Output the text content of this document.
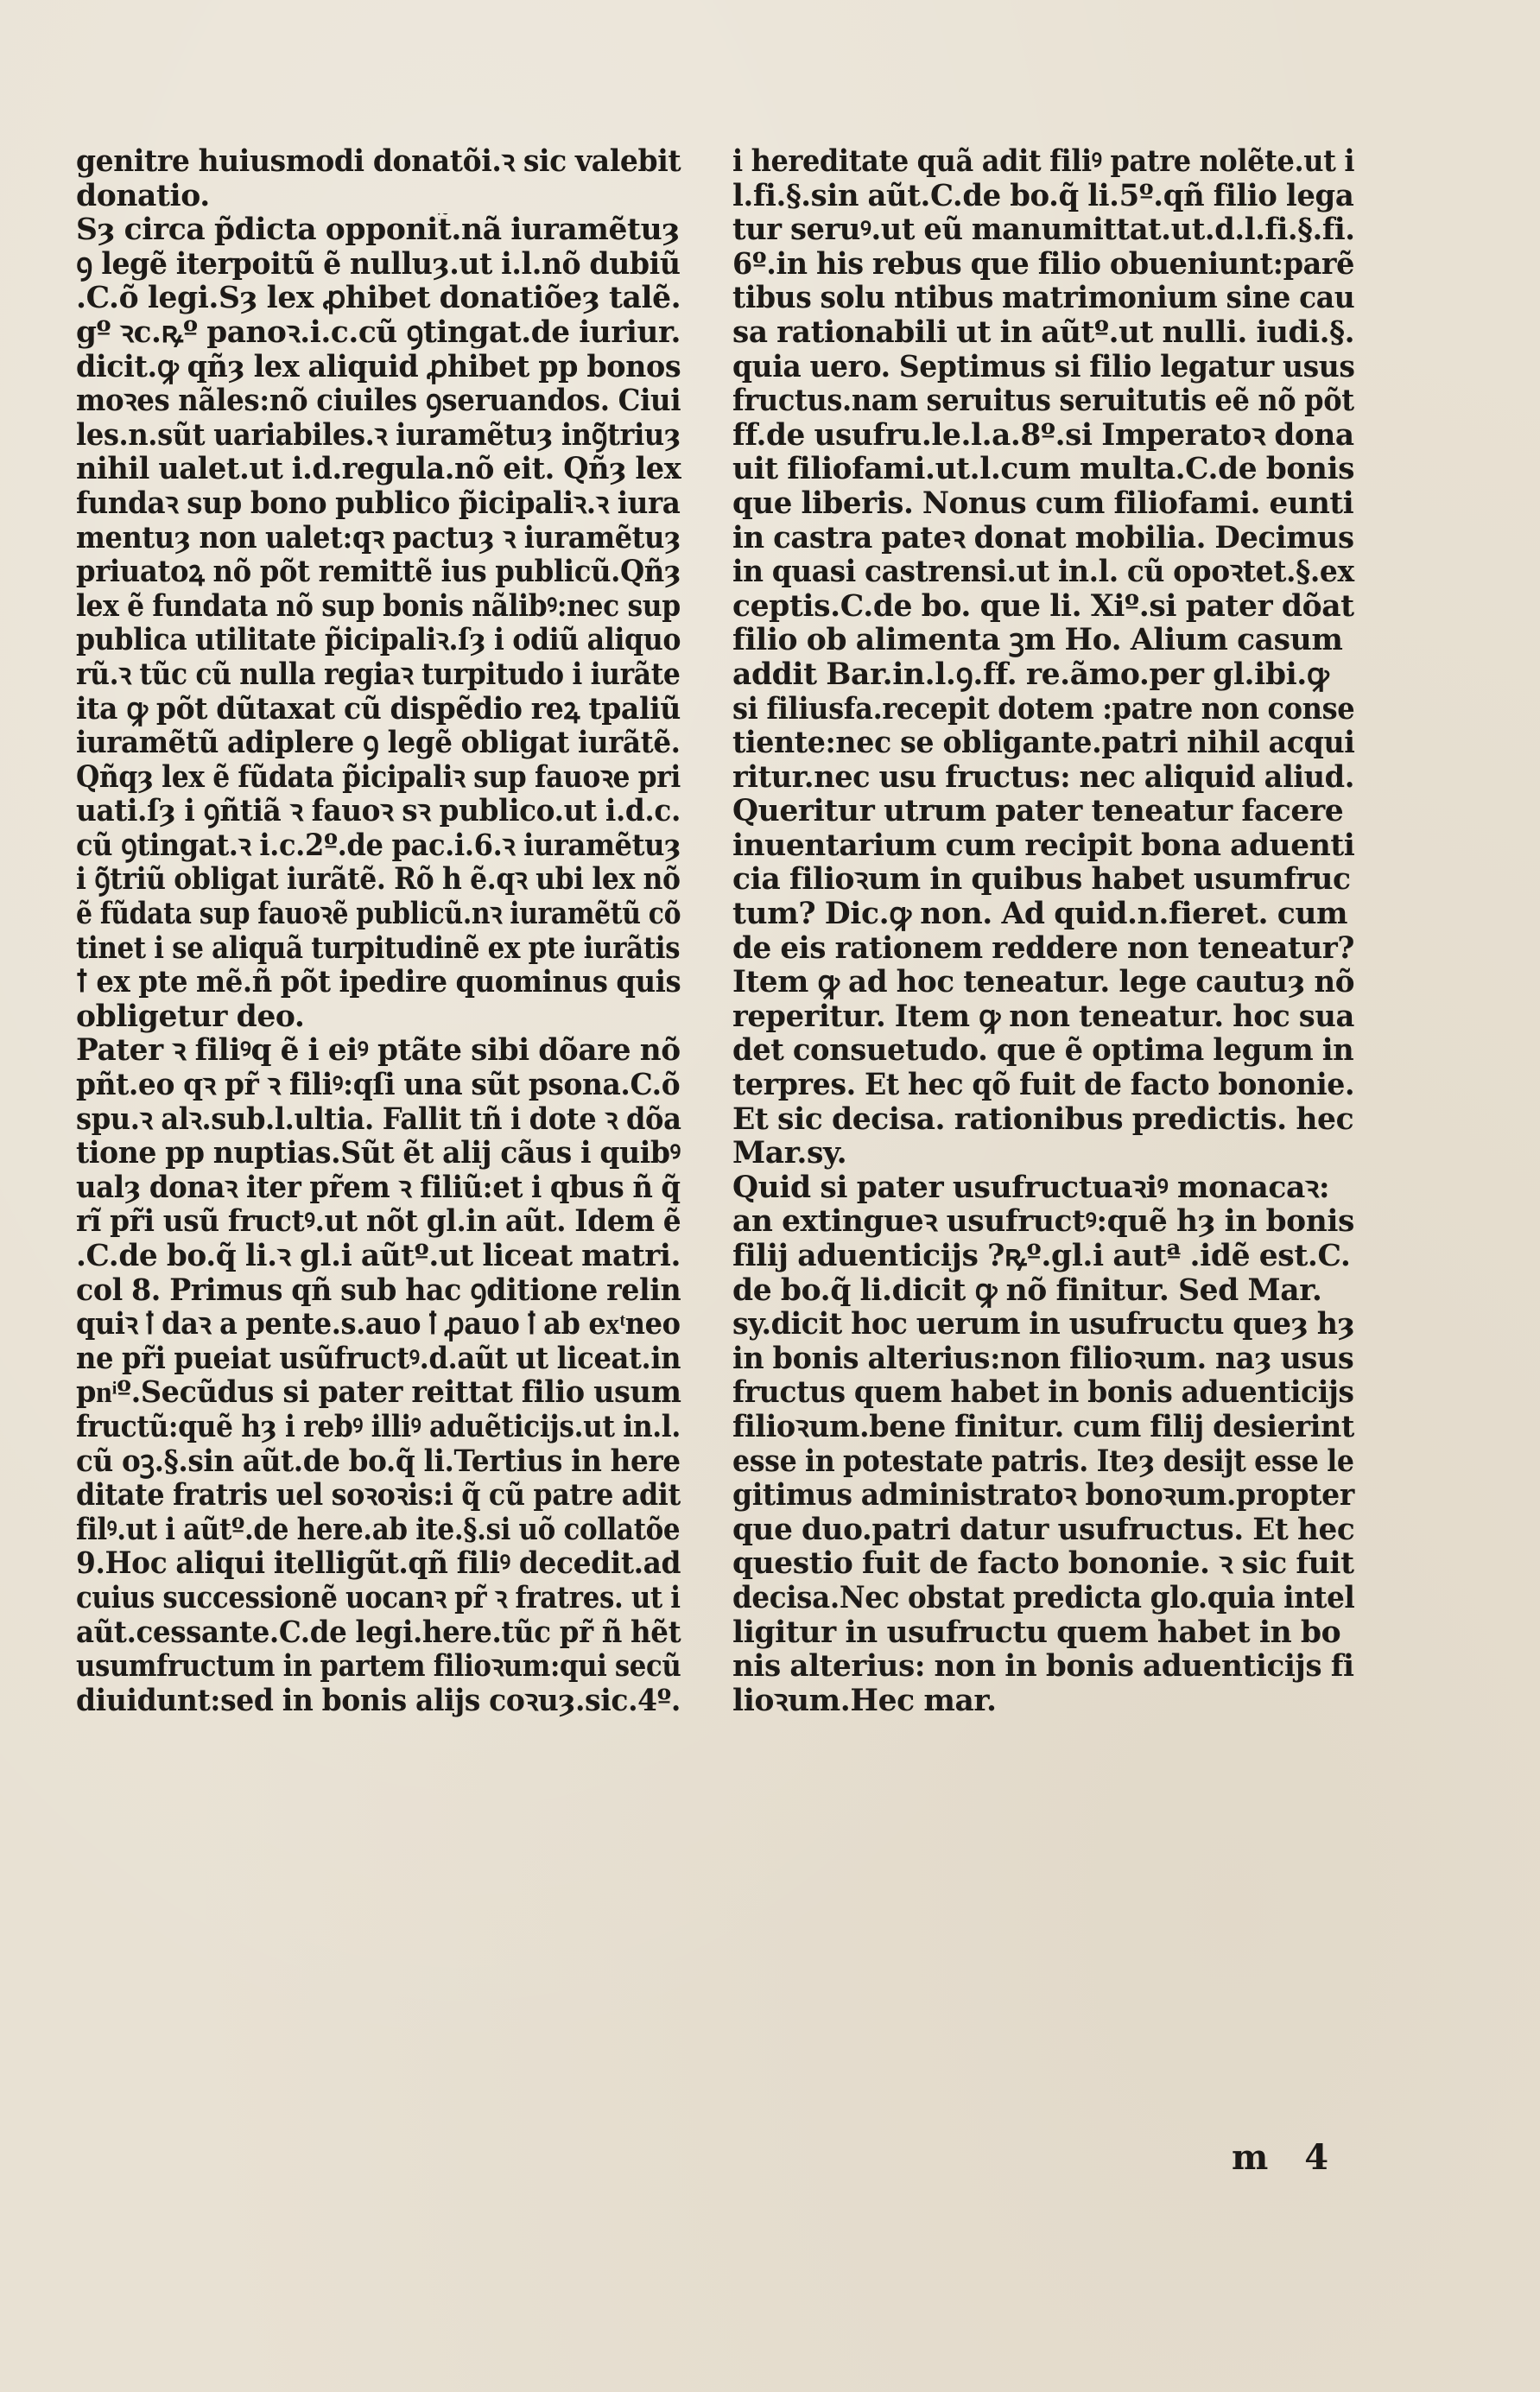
genitre huiusmodi donatõi.ꝛ sic valebit
donatio.
Sȝ circa p̃dicta opponit̃.nã iuramẽtuȝ
ꝯ legẽ iterpoitũ ẽ nulluȝ.ut i.l.nõ dubiũ
.C.õ legi.Sȝ lex ꝓhibet donatiõeȝ talẽ.
gº ꝛc.ꝶº panoꝛ.i.c.cũ ꝯtingat.de iuriur.
dicit.ꝙ qñȝ lex aliquid ꝓhibet pp bonos
moꝛes nãles:nõ ciuiles ꝯseruandos. Ciui
les.n.sũt uariabiles.ꝛ iuramẽtuȝ inꝯ̃triuȝ
nihil ualet.ut i.d.regula.nõ eit. Qñȝ lex
fundaꝛ sup bono publico p̃icipaliꝛ.ꝛ iura
mentuȝ non ualet:qꝛ pactuȝ ꝛ iuramẽtuȝ
priuatoꝝ nõ põt remittẽ ius publicũ.Qñȝ
lex ẽ fundata nõ sup bonis nãlibꝰ:nec sup
publica utilitate p̃icipaliꝛ.ſȝ i odiũ aliquo
rũ.ꝛ tũc cũ nulla regiaꝛ turpitudo i iurãte
ita ꝙ põt dũtaxat cũ dispẽdio reꝝ tpaliũ
iuramẽtũ adiplere ꝯ legẽ obligat iurãtẽ.
Qñqȝ lex ẽ fũdata p̃icipaliꝛ sup fauoꝛe pri
uati.ſȝ i ꝯñtiã ꝛ fauoꝛ sꝛ publico.ut i.d.c.
cũ ꝯtingat.ꝛ i.c.2º.de pac.i.6.ꝛ iuramẽtuȝ
i ꝯ̃triũ obligat iurãtẽ. Rõ h ẽ.qꝛ ubi lex nõ
ẽ fũdata sup fauoꝛẽ publicũ.nꝛ iuramẽtũ cõ
tinet i se aliquã turpitudinẽ ex pte iurãtis
ꝉ ex pte mẽ.ñ põt ipedire quominus quis
obligetur deo.
Pater ꝛ filiꝰq ẽ i eiꝰ ptãte sibi dõare nõ
pñt.eo qꝛ pr̃ ꝛ filiꝰ:qſi una sũt psona.C.õ
spu.ꝛ alꝛ.sub.l.ultia. Fallit tñ i dote ꝛ dõa
tione pp nuptias.Sũt ẽt alij cãus i quibꝰ
ualȝ donaꝛ iter pr̃em ꝛ filiũ:et i qbus ñ q̃
rĩ pr̃i usũ fructꝰ.ut nõt gl.in aũt. Idem ẽ
.C.de bo.q̃ li.ꝛ gl.i aũtº.ut liceat matri.
col 8. Primus qñ sub hac ꝯditione relin
quiꝛ ꝉ daꝛ a pente.s.auo ꝉ ꝓauo ꝉ ab exͭneo
ne pr̃i pueiat usũfructꝰ.d.aũt ut liceat.in
pnͥº.Secũdus si pater reittat filio usum
fructũ:quẽ hȝ i rebꝰ illiꝰ aduẽticijs.ut in.l.
cũ oꝫ.§.sin aũt.de bo.q̃ li.Tertius in here
ditate fratris uel soꝛoꝛis:i q̃ cũ patre adit
filꝰ.ut i aũtº.de here.ab ite.§.si uõ collatõe
9.Hoc aliqui itelligũt.qñ filiꝰ decedit.ad
cuius successionẽ uocanꝛ pr̃ ꝛ fratres. ut i
aũt.cessante.C.de legi.here.tũc pr̃ ñ hẽt
usumfructum in partem filioꝛum:qui secũ
diuidunt:sed in bonis alijs coꝛuȝ.sic.4º.
i hereditate quã adit filiꝰ patre nolẽte.ut i
l.fi.§.sin aũt.C.de bo.q̃ li.5º.qñ filio lega
tur seruꝰ.ut eũ manumittat.ut.d.l.fi.§.fi.
6º.in his rebus que filio obueniunt:parẽ
tibus solu ntibus matrimonium sine cau
sa rationabili ut in aũtº.ut nulli. iudi.§.
quia uero. Septimus si filio legatur usus
fructus.nam seruitus seruitutis eẽ nõ põt
ff.de usufru.le.l.a.8º.si Imperatoꝛ dona
uit filiofami.ut.l.cum multa.C.de bonis
que liberis. Nonus cum filiofami. eunti
in castra pateꝛ donat mobilia. Decimus
in quasi castrensi.ut in.l. cũ opoꝛtet.§.ex
ceptis.C.de bo. que li. Xiº.si pater dõat
filio ob alimenta ꝫm Ho. Alium casum
addit Bar.in.l.ꝯ.ff. re.ãmo.per gl.ibi.ꝙ
si filiusfa.recepit dotem :patre non conse
tiente:nec se obligante.patri nihil acqui
ritur.nec usu fructus: nec aliquid aliud.
Queritur utrum pater teneatur facere
inuentarium cum recipit bona aduenti
cia filioꝛum in quibus habet usumfruc
tum? Dic.ꝙ non. Ad quid.n.fieret. cum
de eis rationem reddere non teneatur?
Item ꝙ ad hoc teneatur. lege cautuȝ nõ
reperitur. Item ꝙ non teneatur. hoc sua
det consuetudo. que ẽ optima legum in
terpres. Et hec qõ fuit de facto bononie.
Et sic decisa. rationibus predictis. hec
Mar.sy.
Quid si pater usufructuaꝛiꝰ monacaꝛ:
an extingueꝛ usufructꝰ:quẽ hȝ in bonis
filij aduenticijs ?ꝶº.gl.i autª .idẽ est.C.
de bo.q̃ li.dicit ꝙ nõ finitur. Sed Mar.
sy.dicit hoc uerum in usufructu queȝ hȝ
in bonis alterius:non filioꝛum. naȝ usus
fructus quem habet in bonis aduenticijs
filioꝛum.bene finitur. cum filij desierint
esse in potestate patris. Iteȝ desijt esse le
gitimus administratoꝛ bonoꝛum.propter
que duo.patri datur usufructus. Et hec
questio fuit de facto bononie. ꝛ sic fuit
decisa.Nec obstat predicta glo.quia intel
ligitur in usufructu quem habet in bo
nis alterius: non in bonis aduenticijs fi
lioꝛum.Hec mar.
m 4
